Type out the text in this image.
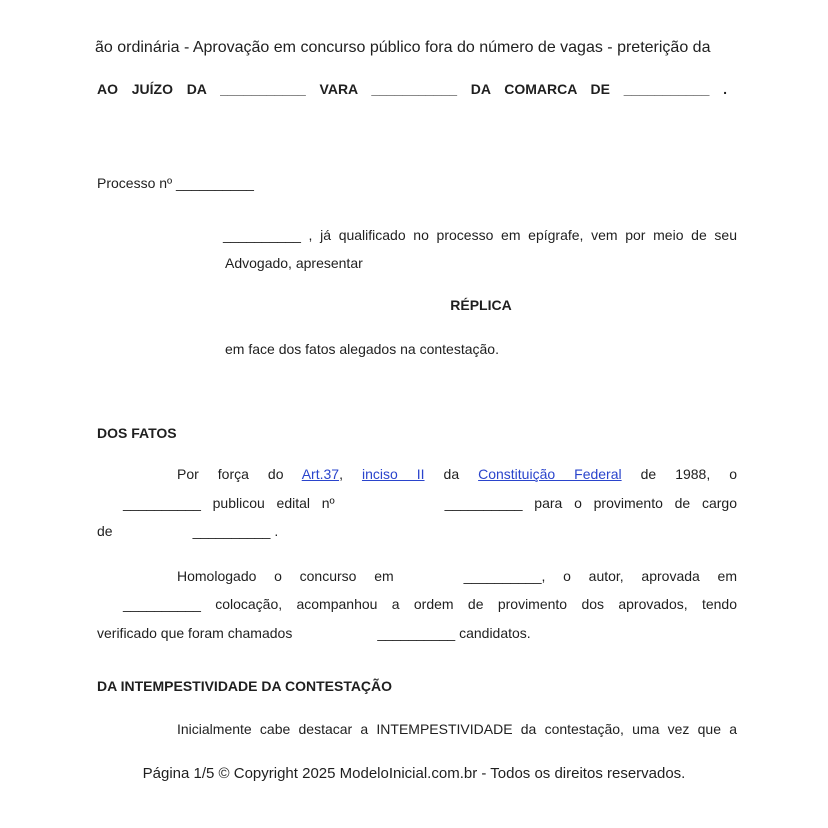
ão ordinária - Aprovação em concurso público fora do número de vagas - preterição da
AO JUÍZO DA ___________ VARA ___________ DA COMARCA DE ___________ .
Processo nº __________
__________ , já qualificado no processo em epígrafe, vem por meio de seu
Advogado, apresentar
RÉPLICA
em face dos fatos alegados na contestação.
DOS FATOS
Por força do Art.37, inciso II da Constituição Federal de 1988, o
__________ publicou edital nº	__________ para o provimento de cargo
de	__________ .
Homologado o concurso em	__________, o autor, aprovada em
__________ colocação, acompanhou a ordem de provimento dos aprovados, tendo
verificado que foram chamados	__________ candidatos.
DA INTEMPESTIVIDADE DA CONTESTAÇÃO
Inicialmente cabe destacar a INTEMPESTIVIDADE da contestação, uma vez que a
Página 1/5 © Copyright 2025 ModeloInicial.com.br - Todos os direitos reservados.
